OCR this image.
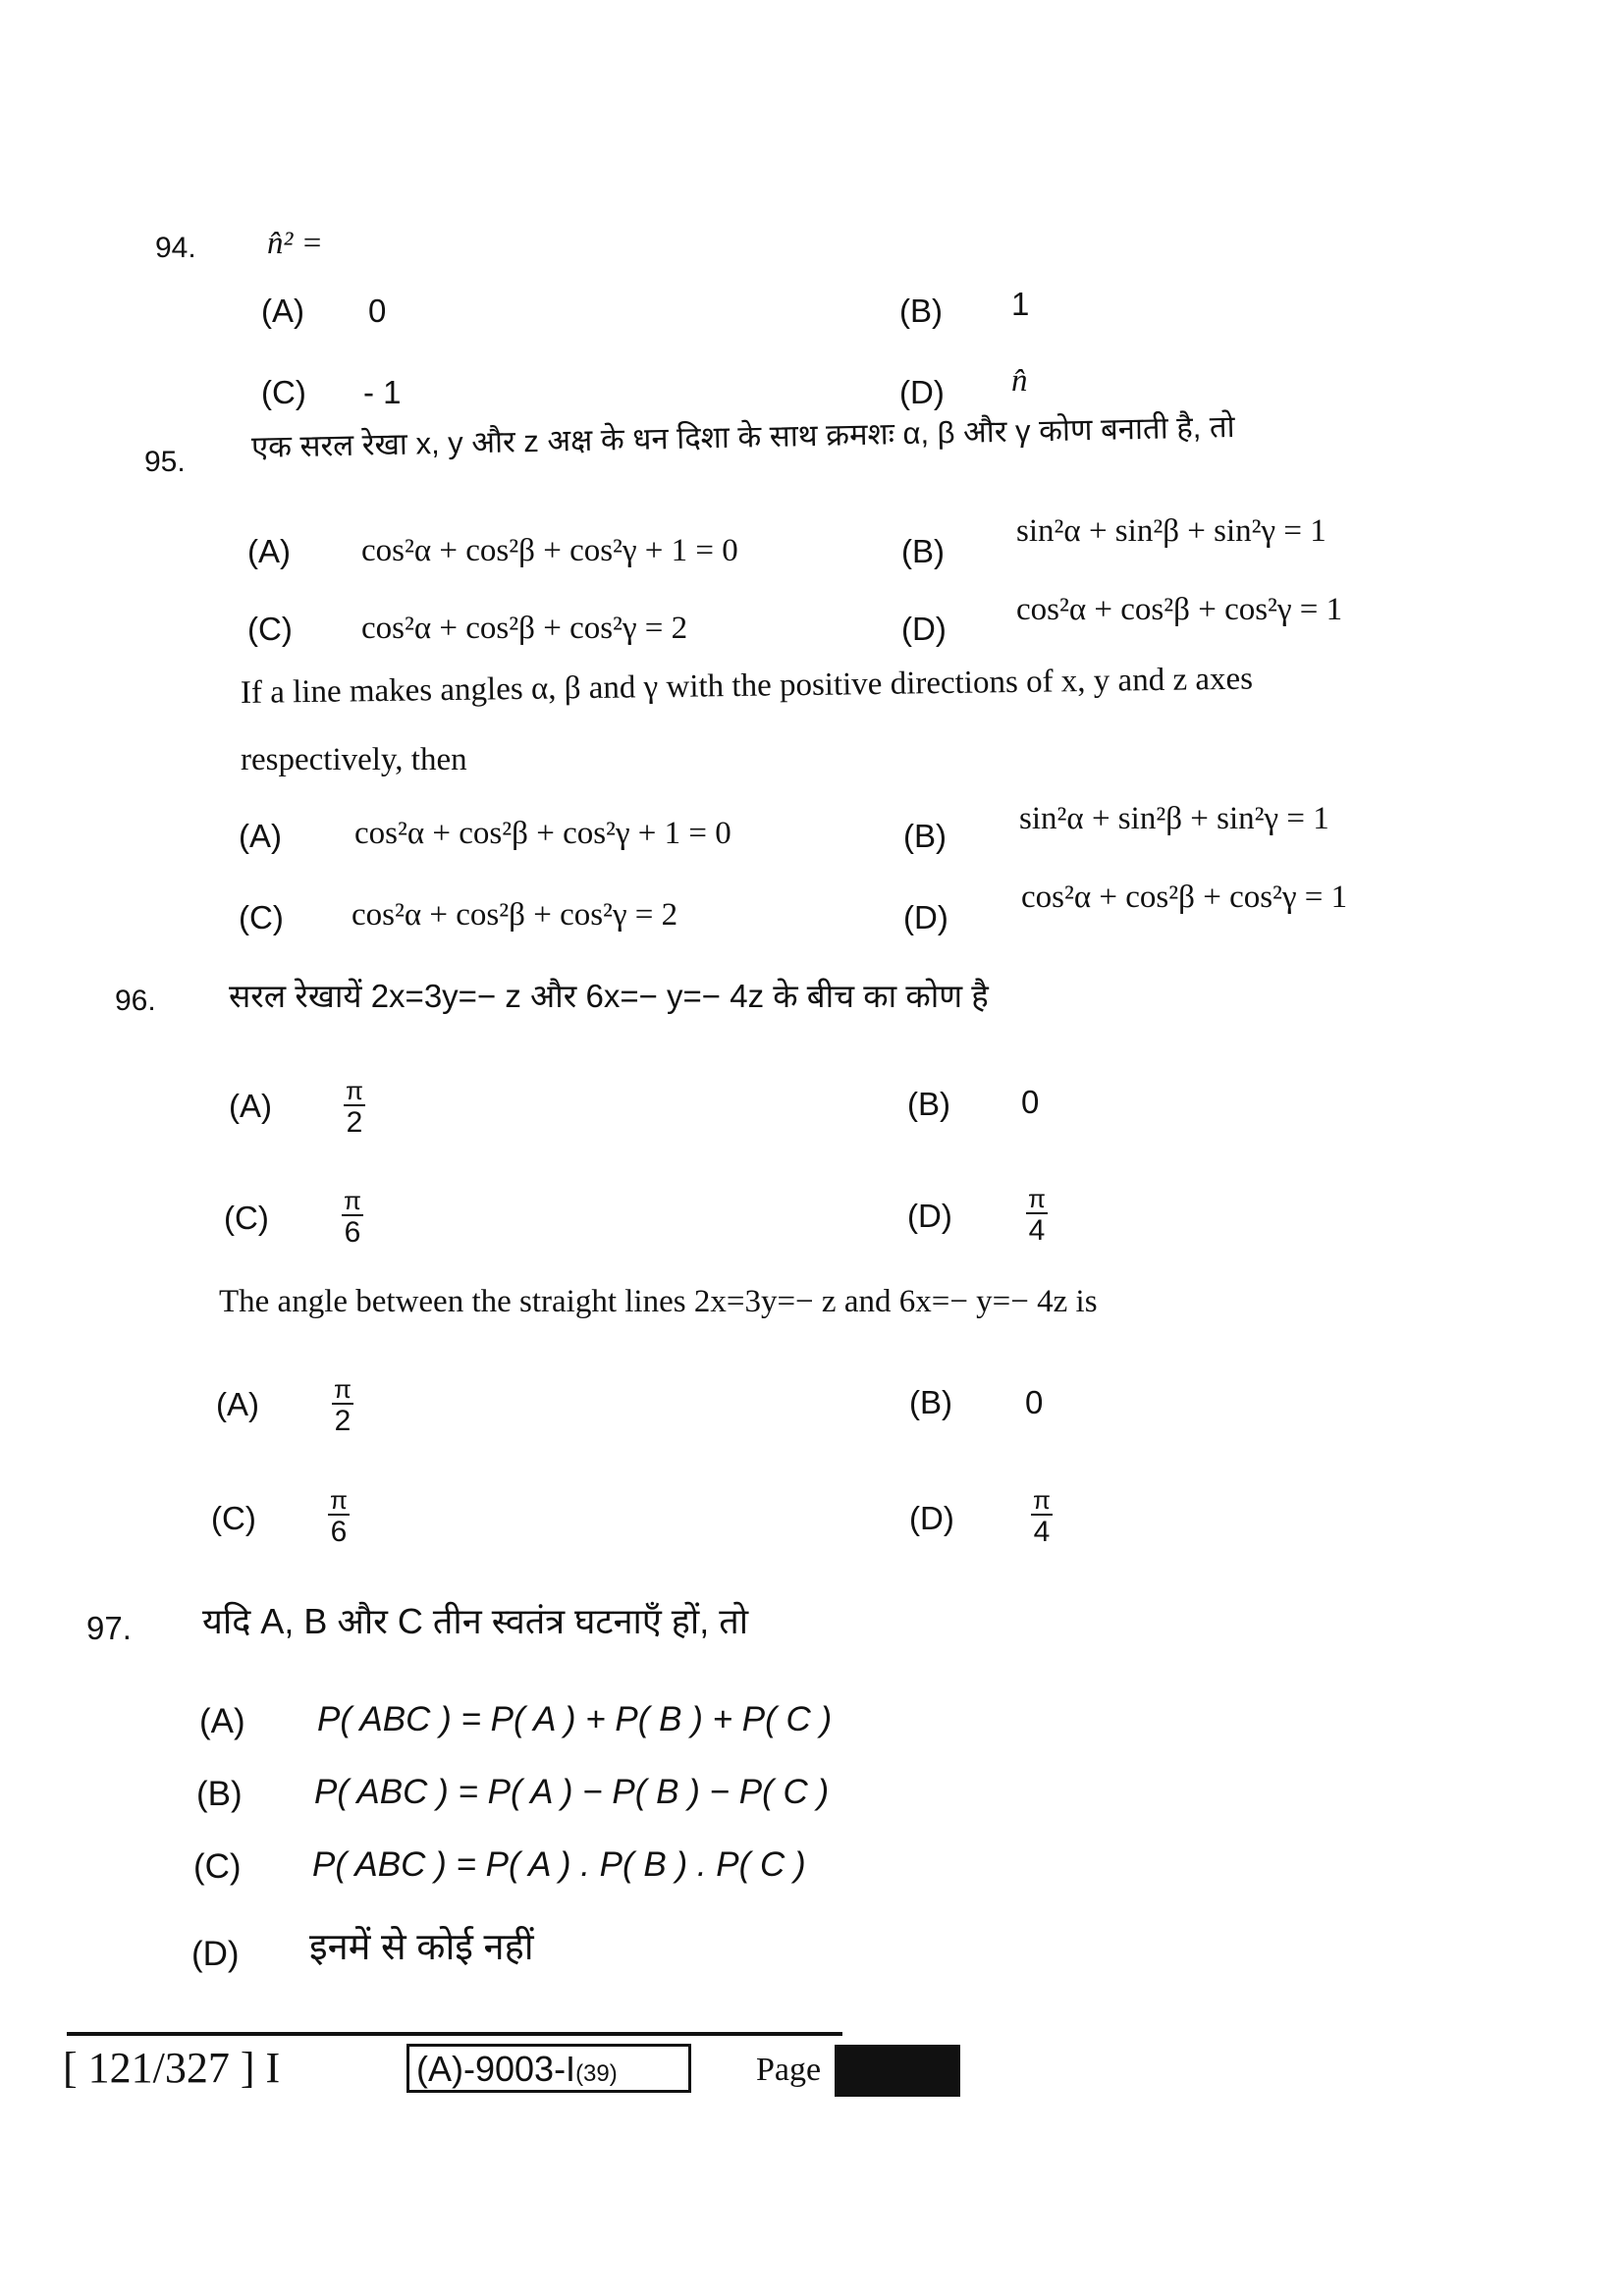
94. n̂² =
(A) 0	(B) 1
(C) - 1	(D) n̂
95. एक सरल रेखा x, y और z अक्ष के धन दिशा के साथ क्रमशः α, β और γ कोण बनाती है, तो
(A) cos²α + cos²β + cos²γ + 1 = 0	(B)
sin²α + sin²β + sin²γ = 1
(C) cos²α + cos²β + cos²γ = 2	(D)
cos²α + cos²β + cos²γ = 1
If a line makes angles α, β and γ with the positive directions of x, y and z axes
respectively, then
(A) cos²α + cos²β + cos²γ + 1 = 0	(B) sin²α + sin²β + sin²γ = 1
(C) cos²α + cos²β + cos²γ = 2	(D)
cos²α + cos²β + cos²γ = 1
96. सरल रेखायें 2x=3y=− z और 6x=− y=− 4z के बीच का कोण है
(A)	$\frac{\pi}{2}$	(B) 0
(C)	$\frac{\pi}{6}$	(D)	$\frac{\pi}{4}$
The angle between the straight lines 2x=3y=− z and 6x=− y=− 4z is
(A)	$\frac{\pi}{2}$	(B) 0
(C)	$\frac{\pi}{6}$	(D)	$\frac{\pi}{4}$
97. यदि A, B और C तीन स्वतंत्र घटनाएँ हों, तो
(A) P( ABC ) = P( A ) + P( B ) + P( C )
(B) P( ABC ) = P( A ) − P( B ) − P( C )
(C) P( ABC ) = P( A ) . P( B ) . P( C )
(D) इनमें से कोई नहीं
[ 121/327 ] I	(A)-9003-I(39)	Page
